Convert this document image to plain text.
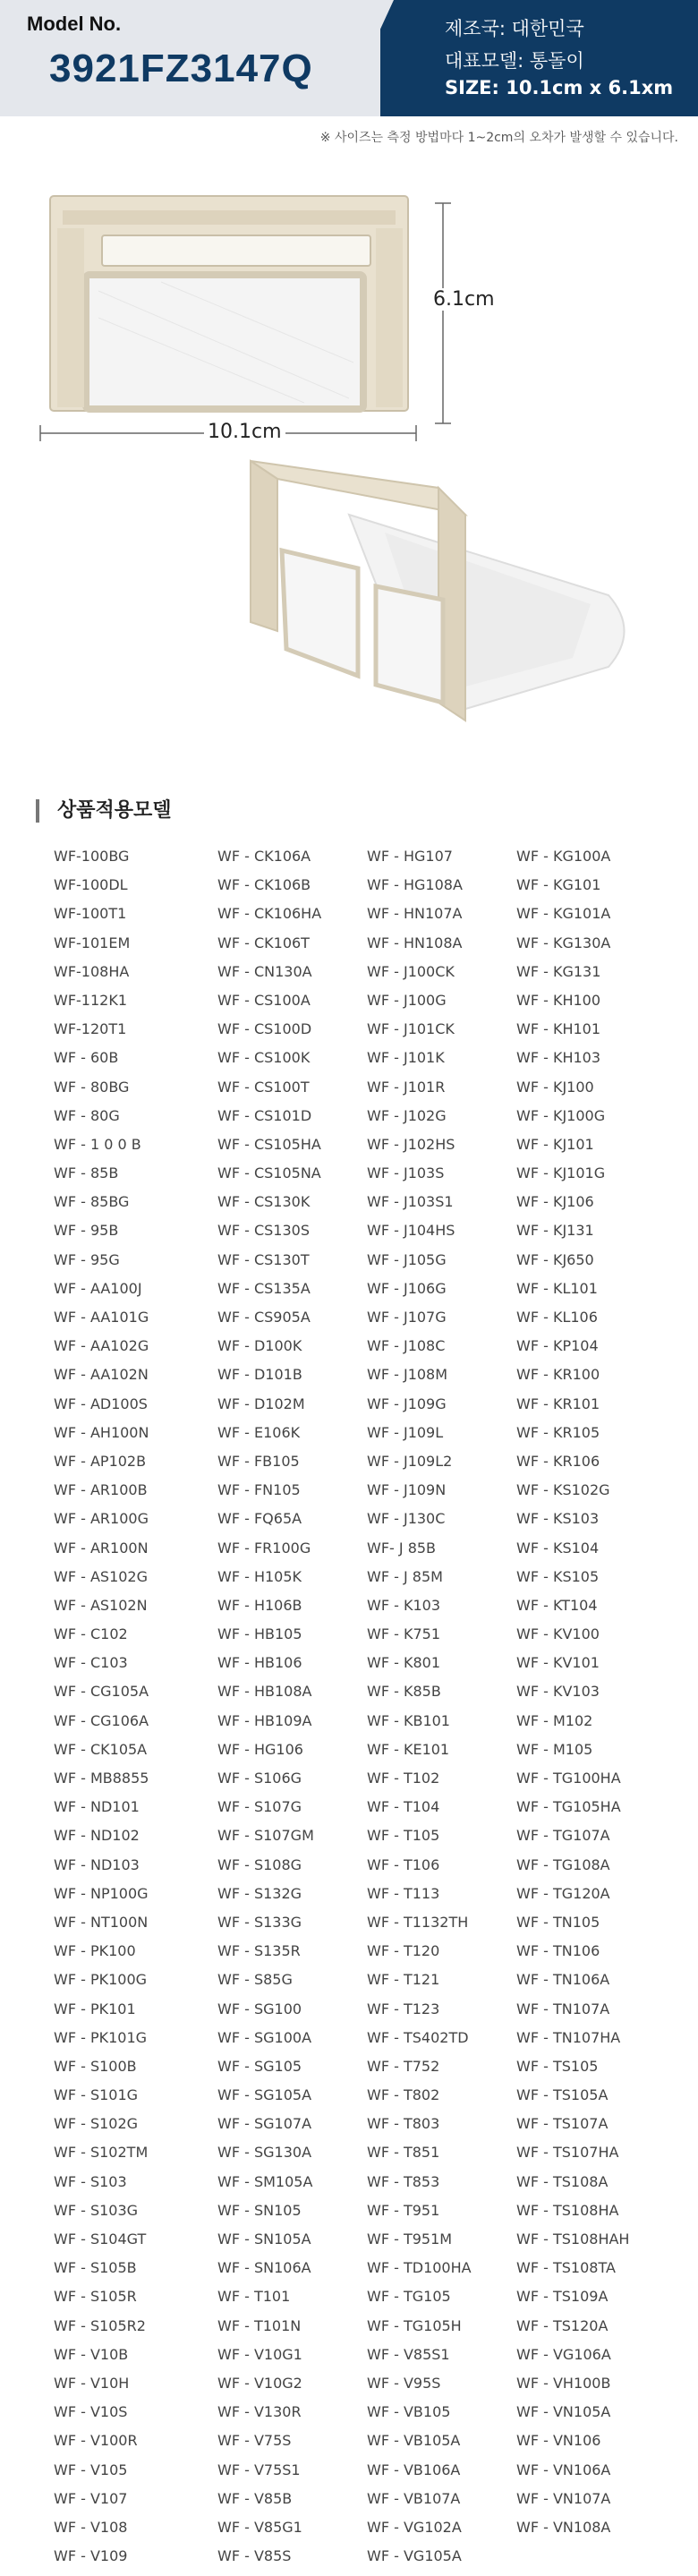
Model No.
3921FZ3147Q
제조국: 대한민국
대표모델: 통돌이
SIZE: 10.1cm x 6.1xm
※ 사이즈는 측정 방법마다 1~2cm의 오차가 발생할 수 있습니다.
10.1cm
6.1cm
상품적용모델
WF-100BG
WF-100DL
WF-100T1
WF-101EM
WF-108HA
WF-112K1
WF-120T1
WF - 60B
WF - 80BG
WF - 80G
WF - 1 0 0 B
WF - 85B
WF - 85BG
WF - 95B
WF - 95G
WF - AA100J
WF - AA101G
WF - AA102G
WF - AA102N
WF - AD100S
WF - AH100N
WF - AP102B
WF - AR100B
WF - AR100G
WF - AR100N
WF - AS102G
WF - AS102N
WF - C102
WF - C103
WF - CG105A
WF - CG106A
WF - CK105A
WF - MB8855
WF - ND101
WF - ND102
WF - ND103
WF - NP100G
WF - NT100N
WF - PK100
WF - PK100G
WF - PK101
WF - PK101G
WF - S100B
WF - S101G
WF - S102G
WF - S102TM
WF - S103
WF - S103G
WF - S104GT
WF - S105B
WF - S105R
WF - S105R2
WF - V10B
WF - V10H
WF - V10S
WF - V100R
WF - V105
WF - V107
WF - V108
WF - V109
WF - CK106A
WF - CK106B
WF - CK106HA
WF - CK106T
WF - CN130A
WF - CS100A
WF - CS100D
WF - CS100K
WF - CS100T
WF - CS101D
WF - CS105HA
WF - CS105NA
WF - CS130K
WF - CS130S
WF - CS130T
WF - CS135A
WF - CS905A
WF - D100K
WF - D101B
WF - D102M
WF - E106K
WF - FB105
WF - FN105
WF - FQ65A
WF - FR100G
WF - H105K
WF - H106B
WF - HB105
WF - HB106
WF - HB108A
WF - HB109A
WF - HG106
WF - S106G
WF - S107G
WF - S107GM
WF - S108G
WF - S132G
WF - S133G
WF - S135R
WF - S85G
WF - SG100
WF - SG100A
WF - SG105
WF - SG105A
WF - SG107A
WF - SG130A
WF - SM105A
WF - SN105
WF - SN105A
WF - SN106A
WF - T101
WF - T101N
WF - V10G1
WF - V10G2
WF - V130R
WF - V75S
WF - V75S1
WF - V85B
WF - V85G1
WF - V85S
WF - HG107
WF - HG108A
WF - HN107A
WF - HN108A
WF - J100CK
WF - J100G
WF - J101CK
WF - J101K
WF - J101R
WF - J102G
WF - J102HS
WF - J103S
WF - J103S1
WF - J104HS
WF - J105G
WF - J106G
WF - J107G
WF - J108C
WF - J108M
WF - J109G
WF - J109L
WF - J109L2
WF - J109N
WF - J130C
WF- J 85B
WF - J 85M
WF - K103
WF - K751
WF - K801
WF - K85B
WF - KB101
WF - KE101
WF - T102
WF - T104
WF - T105
WF - T106
WF - T113
WF - T1132TH
WF - T120
WF - T121
WF - T123
WF - TS402TD
WF - T752
WF - T802
WF - T803
WF - T851
WF - T853
WF - T951
WF - T951M
WF - TD100HA
WF - TG105
WF - TG105H
WF - V85S1
WF - V95S
WF - VB105
WF - VB105A
WF - VB106A
WF - VB107A
WF - VG102A
WF - VG105A
WF - KG100A
WF - KG101
WF - KG101A
WF - KG130A
WF - KG131
WF - KH100
WF - KH101
WF - KH103
WF - KJ100
WF - KJ100G
WF - KJ101
WF - KJ101G
WF - KJ106
WF - KJ131
WF - KJ650
WF - KL101
WF - KL106
WF - KP104
WF - KR100
WF - KR101
WF - KR105
WF - KR106
WF - KS102G
WF - KS103
WF - KS104
WF - KS105
WF - KT104
WF - KV100
WF - KV101
WF - KV103
WF - M102
WF - M105
WF - TG100HA
WF - TG105HA
WF - TG107A
WF - TG108A
WF - TG120A
WF - TN105
WF - TN106
WF - TN106A
WF - TN107A
WF - TN107HA
WF - TS105
WF - TS105A
WF - TS107A
WF - TS107HA
WF - TS108A
WF - TS108HA
WF - TS108HAH
WF - TS108TA
WF - TS109A
WF - TS120A
WF - VG106A
WF - VH100B
WF - VN105A
WF - VN106
WF - VN106A
WF - VN107A
WF - VN108A
